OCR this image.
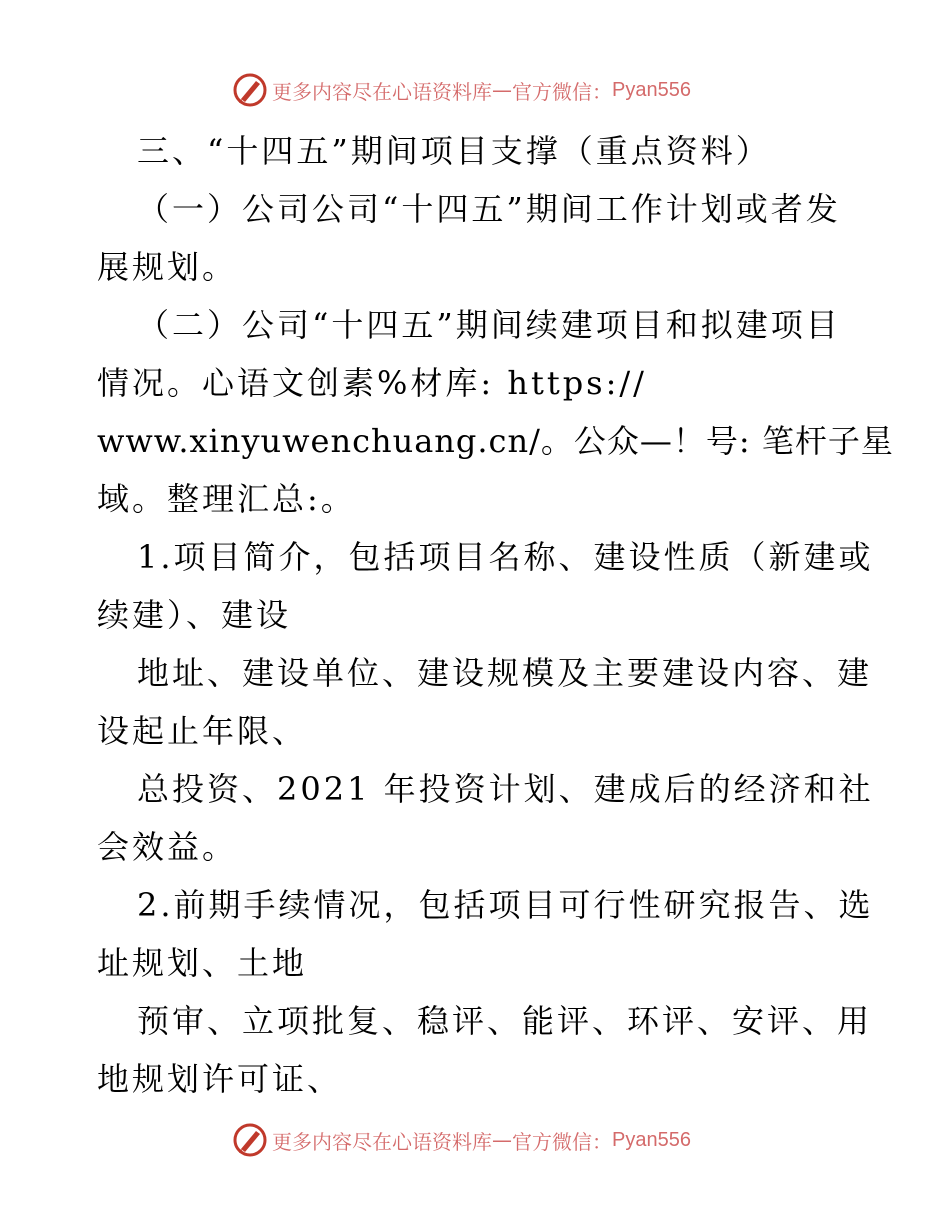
更多内容尽在心语资料库 — 官方微信： Pyan556
三、“十四五”期间项目支撑（重点资料）
（一）公司公司“十四五”期间工作计划或者发
展规划。
（二）公司“十四五”期间续建项目和拟建项目
情况。心语文创素%材库: https://
www.xinyuwenchuang.cn/。公众—！号: 笔杆子星
域。整理汇总:。
1.项目简介，包括项目名称、建设性质（新建或
续建）、建设
地址、建设单位、建设规模及主要建设内容、建
设起止年限、
总投资、2021 年投资计划、建成后的经济和社
会效益。
2.前期手续情况，包括项目可行性研究报告、选
址规划、土地
预审、立项批复、稳评、能评、环评、安评、用
地规划许可证、
更多内容尽在心语资料库 — 官方微信： Pyan556
